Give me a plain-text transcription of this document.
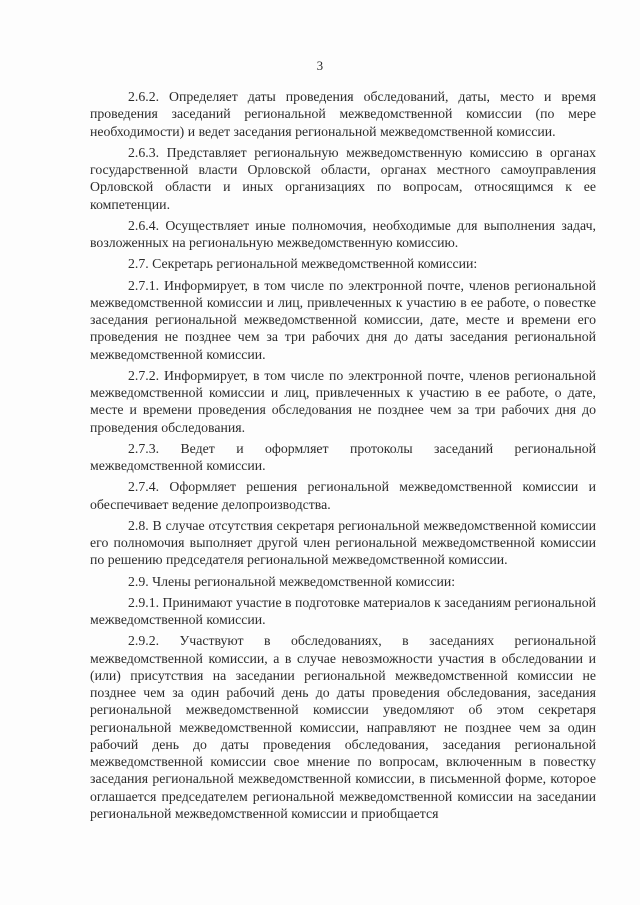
3

2.6.2. Определяет даты проведения обследований, даты, место и время проведения заседаний региональной межведомственной комиссии (по мере необходимости) и ведет заседания региональной межведомственной комиссии.

2.6.3. Представляет региональную межведомственную комиссию в органах государственной власти Орловской области, органах местного самоуправления Орловской области и иных организациях по вопросам, относящимся к ее компетенции.

2.6.4. Осуществляет иные полномочия, необходимые для выполнения задач, возложенных на региональную межведомственную комиссию.

2.7. Секретарь региональной межведомственной комиссии:

2.7.1. Информирует, в том числе по электронной почте, членов региональной межведомственной комиссии и лиц, привлеченных к участию в ее работе, о повестке заседания региональной межведомственной комиссии, дате, месте и времени его проведения не позднее чем за три рабочих дня до даты заседания региональной межведомственной комиссии.

2.7.2. Информирует, в том числе по электронной почте, членов региональной межведомственной комиссии и лиц, привлеченных к участию в ее работе, о дате, месте и времени проведения обследования не позднее чем за три рабочих дня до проведения обследования.

2.7.3. Ведет и оформляет протоколы заседаний региональной межведомственной комиссии.

2.7.4. Оформляет решения региональной межведомственной комиссии и обеспечивает ведение делопроизводства.

2.8. В случае отсутствия секретаря региональной межведомственной комиссии его полномочия выполняет другой член региональной межведомственной комиссии по решению председателя региональной межведомственной комиссии.

2.9. Члены региональной межведомственной комиссии:

2.9.1. Принимают участие в подготовке материалов к заседаниям региональной межведомственной комиссии.

2.9.2. Участвуют в обследованиях, в заседаниях региональной межведомственной комиссии, а в случае невозможности участия в обследовании и (или) присутствия на заседании региональной межведомственной комиссии не позднее чем за один рабочий день до даты проведения обследования, заседания региональной межведомственной комиссии уведомляют об этом секретаря региональной межведомственной комиссии, направляют не позднее чем за один рабочий день до даты проведения обследования, заседания региональной межведомственной комиссии свое мнение по вопросам, включенным в повестку заседания региональной межведомственной комиссии, в письменной форме, которое оглашается председателем региональной межведомственной комиссии на заседании региональной межведомственной комиссии и приобщается
